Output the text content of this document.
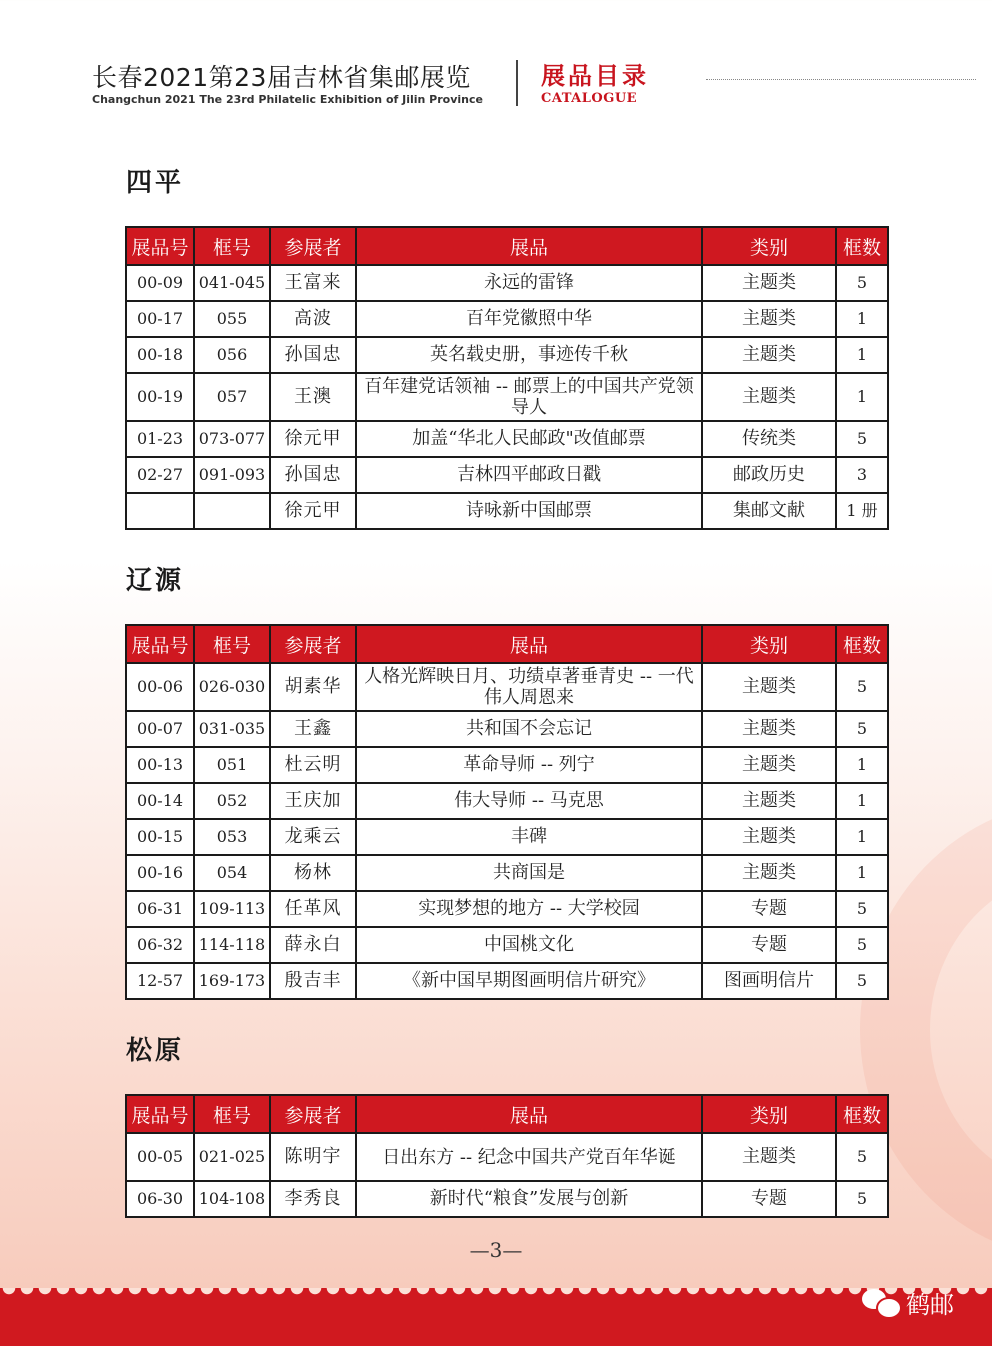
长春2021第23届吉林省集邮展览
Changchun 2021 The 23rd Philatelic Exhibition of Jilin Province
展品目录
CATALOGUE
四平
展品号	框号	参展者	展品	类别	框数
00-09	041-045	王富来	永远的雷锋	主题类	5
00-17	055	高波	百年党徽照中华	主题类	1
00-18	056	孙国忠	英名载史册，事迹传千秋	主题类	1
00-19	057	王澳	百年建党话领袖 -- 邮票上的中国共产党领导人	主题类	1
01-23	073-077	徐元甲	加盖“华北人民邮政"改值邮票	传统类	5
02-27	091-093	孙国忠	吉林四平邮政日戳	邮政历史	3
		徐元甲	诗咏新中国邮票	集邮文献	1 册
辽源
展品号	框号	参展者	展品	类别	框数
00-06	026-030	胡素华	人格光辉映日月、功绩卓著垂青史 -- 一代伟人周恩来	主题类	5
00-07	031-035	王鑫	共和国不会忘记	主题类	5
00-13	051	杜云明	革命导师 -- 列宁	主题类	1
00-14	052	王庆加	伟大导师 -- 马克思	主题类	1
00-15	053	龙乘云	丰碑	主题类	1
00-16	054	杨林	共商国是	主题类	1
06-31	109-113	任革风	实现梦想的地方 -- 大学校园	专题	5
06-32	114-118	薛永白	中国桃文化	专题	5
12-57	169-173	殷吉丰	《新中国早期图画明信片研究》	图画明信片	5
松原
展品号	框号	参展者	展品	类别	框数
00-05	021-025	陈明宇	日出东方 -- 纪念中国共产党百年华诞	主题类	5
06-30	104-108	李秀良	新时代“粮食”发展与创新	专题	5
—3—
鹤邮
